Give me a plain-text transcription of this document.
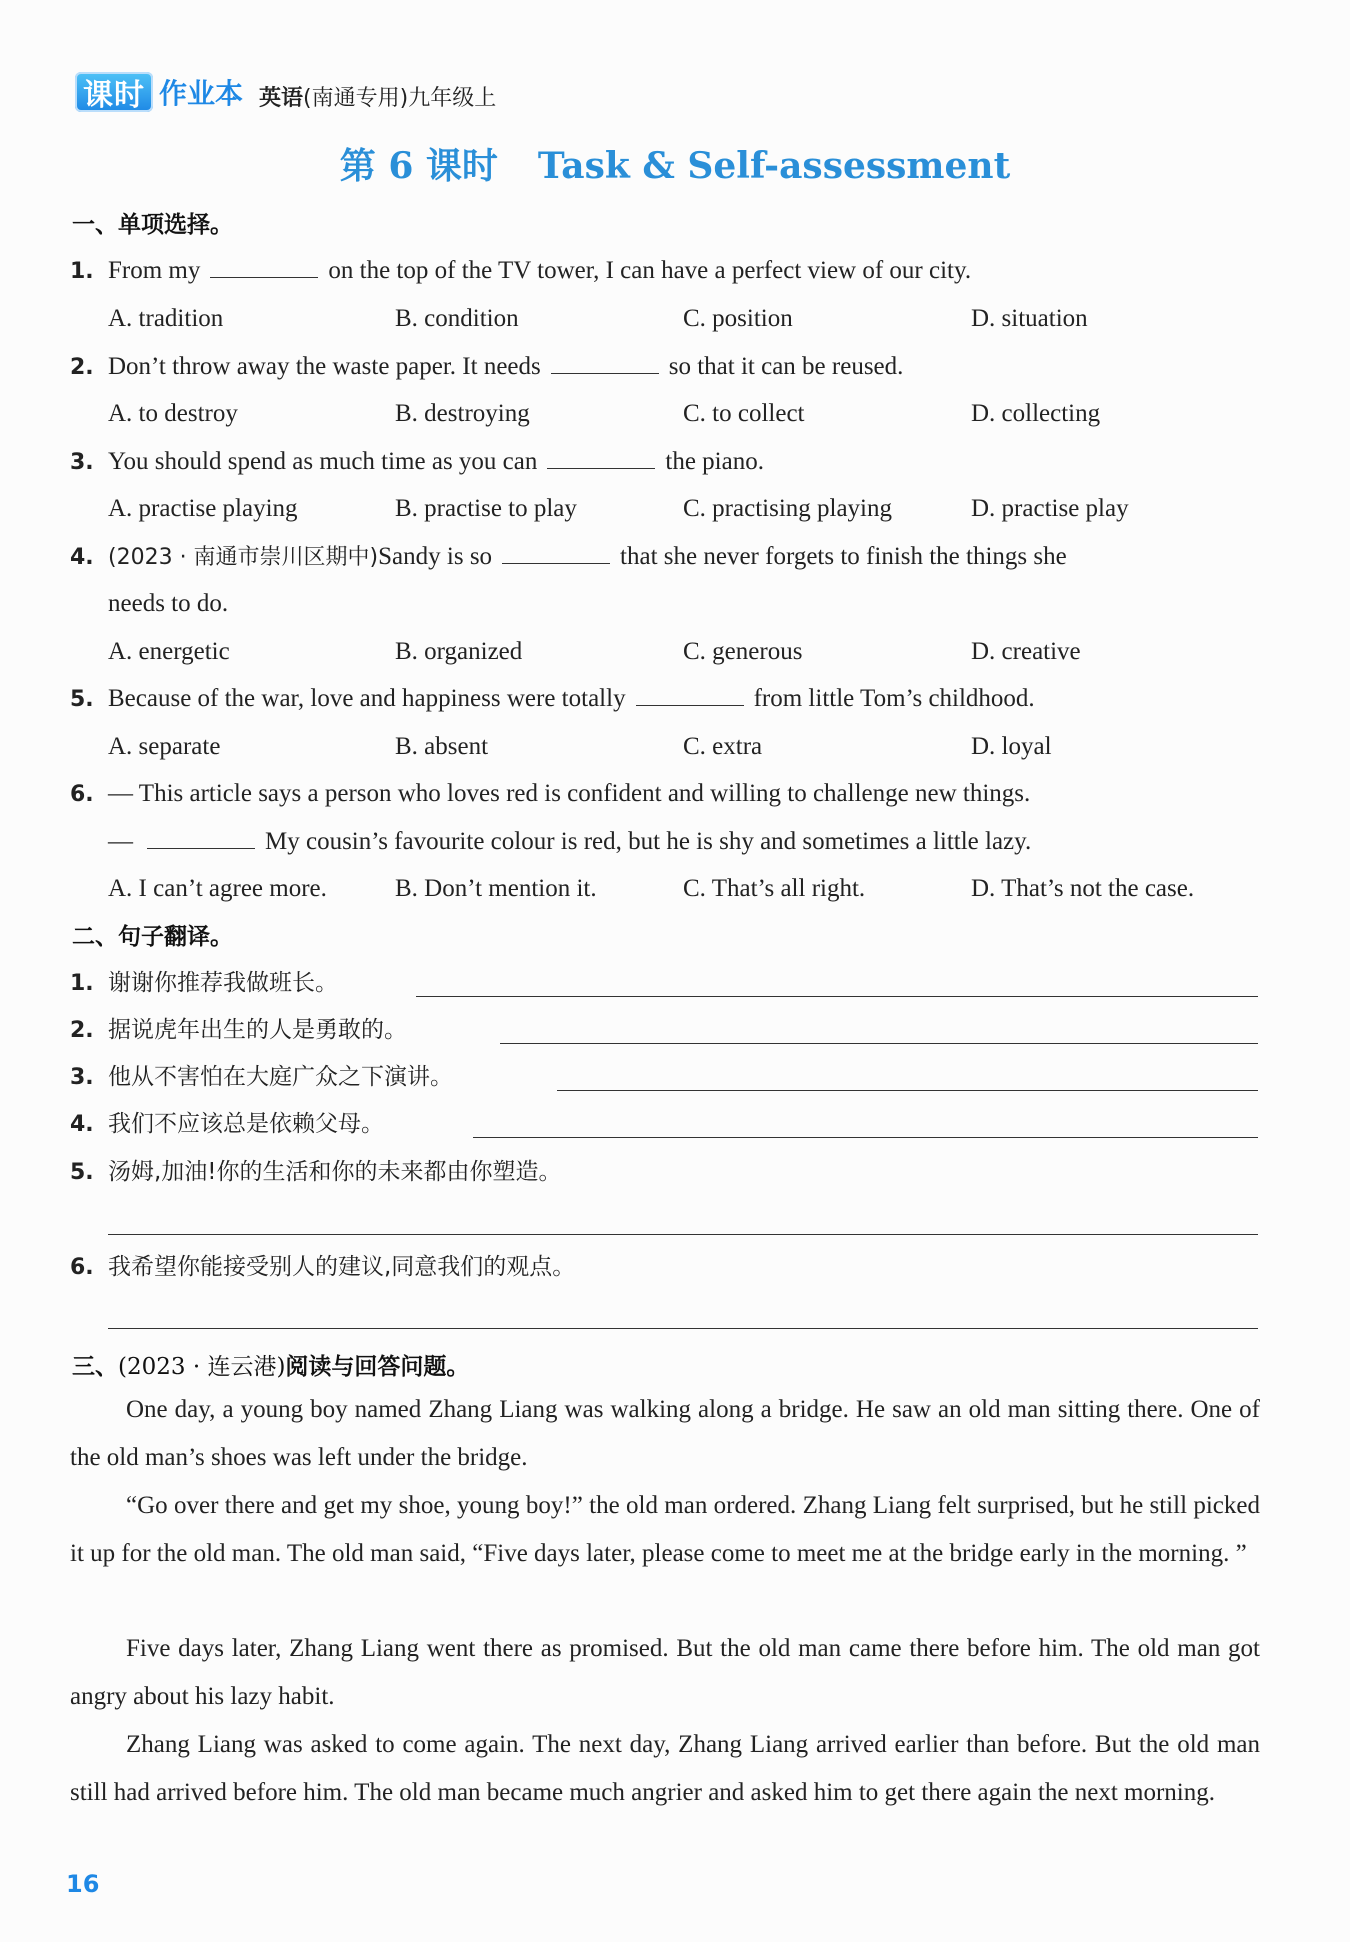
课时 作业本 英语(南通专用)九年级上
第 6 课时 Task & Self-assessment
一、单项选择。
1. From my	on the top of the TV tower, I can have a perfect view of our city.
A. tradition	B. condition	C. position	D. situation
2. Don’t throw away the waste paper. It needs	so that it can be reused.
A. to destroy	B. destroying	C. to collect	D. collecting
3. You should spend as much time as you can	the piano.
A. practise playing	B. practise to play	C. practising playing	D. practise play
4. (2023 · 南通市崇川区期中)Sandy is so	that she never forgets to finish the things she
needs to do.
A. energetic	B. organized	C. generous	D. creative
5. Because of the war, love and happiness were totally	from little Tom’s childhood.
A. separate	B. absent	C. extra	D. loyal
6. — This article says a person who loves red is confident and willing to challenge new things.
—	My cousin’s favourite colour is red, but he is shy and sometimes a little lazy.
A. I can’t agree more.	B. Don’t mention it.	C. That’s all right.	D. That’s not the case.
二、句子翻译。
1. 谢谢你推荐我做班长。
2. 据说虎年出生的人是勇敢的。
3. 他从不害怕在大庭广众之下演讲。
4. 我们不应该总是依赖父母。
5. 汤姆,加油!你的生活和你的未来都由你塑造。
6. 我希望你能接受别人的建议,同意我们的观点。
三、(2023 · 连云港)阅读与回答问题。
One day, a young boy named Zhang Liang was walking along a bridge. He saw an old man sitting there. One of the old man’s shoes was left under the bridge.
“Go over there and get my shoe, young boy!” the old man ordered. Zhang Liang felt surprised, but he still picked it up for the old man. The old man said, “Five days later, please come to meet me at the bridge early in the morning. ”
Five days later, Zhang Liang went there as promised. But the old man came there before him. The old man got angry about his lazy habit.
Zhang Liang was asked to come again. The next day, Zhang Liang arrived earlier than before. But the old man still had arrived before him. The old man became much angrier and asked him to get there again the next morning.
16
